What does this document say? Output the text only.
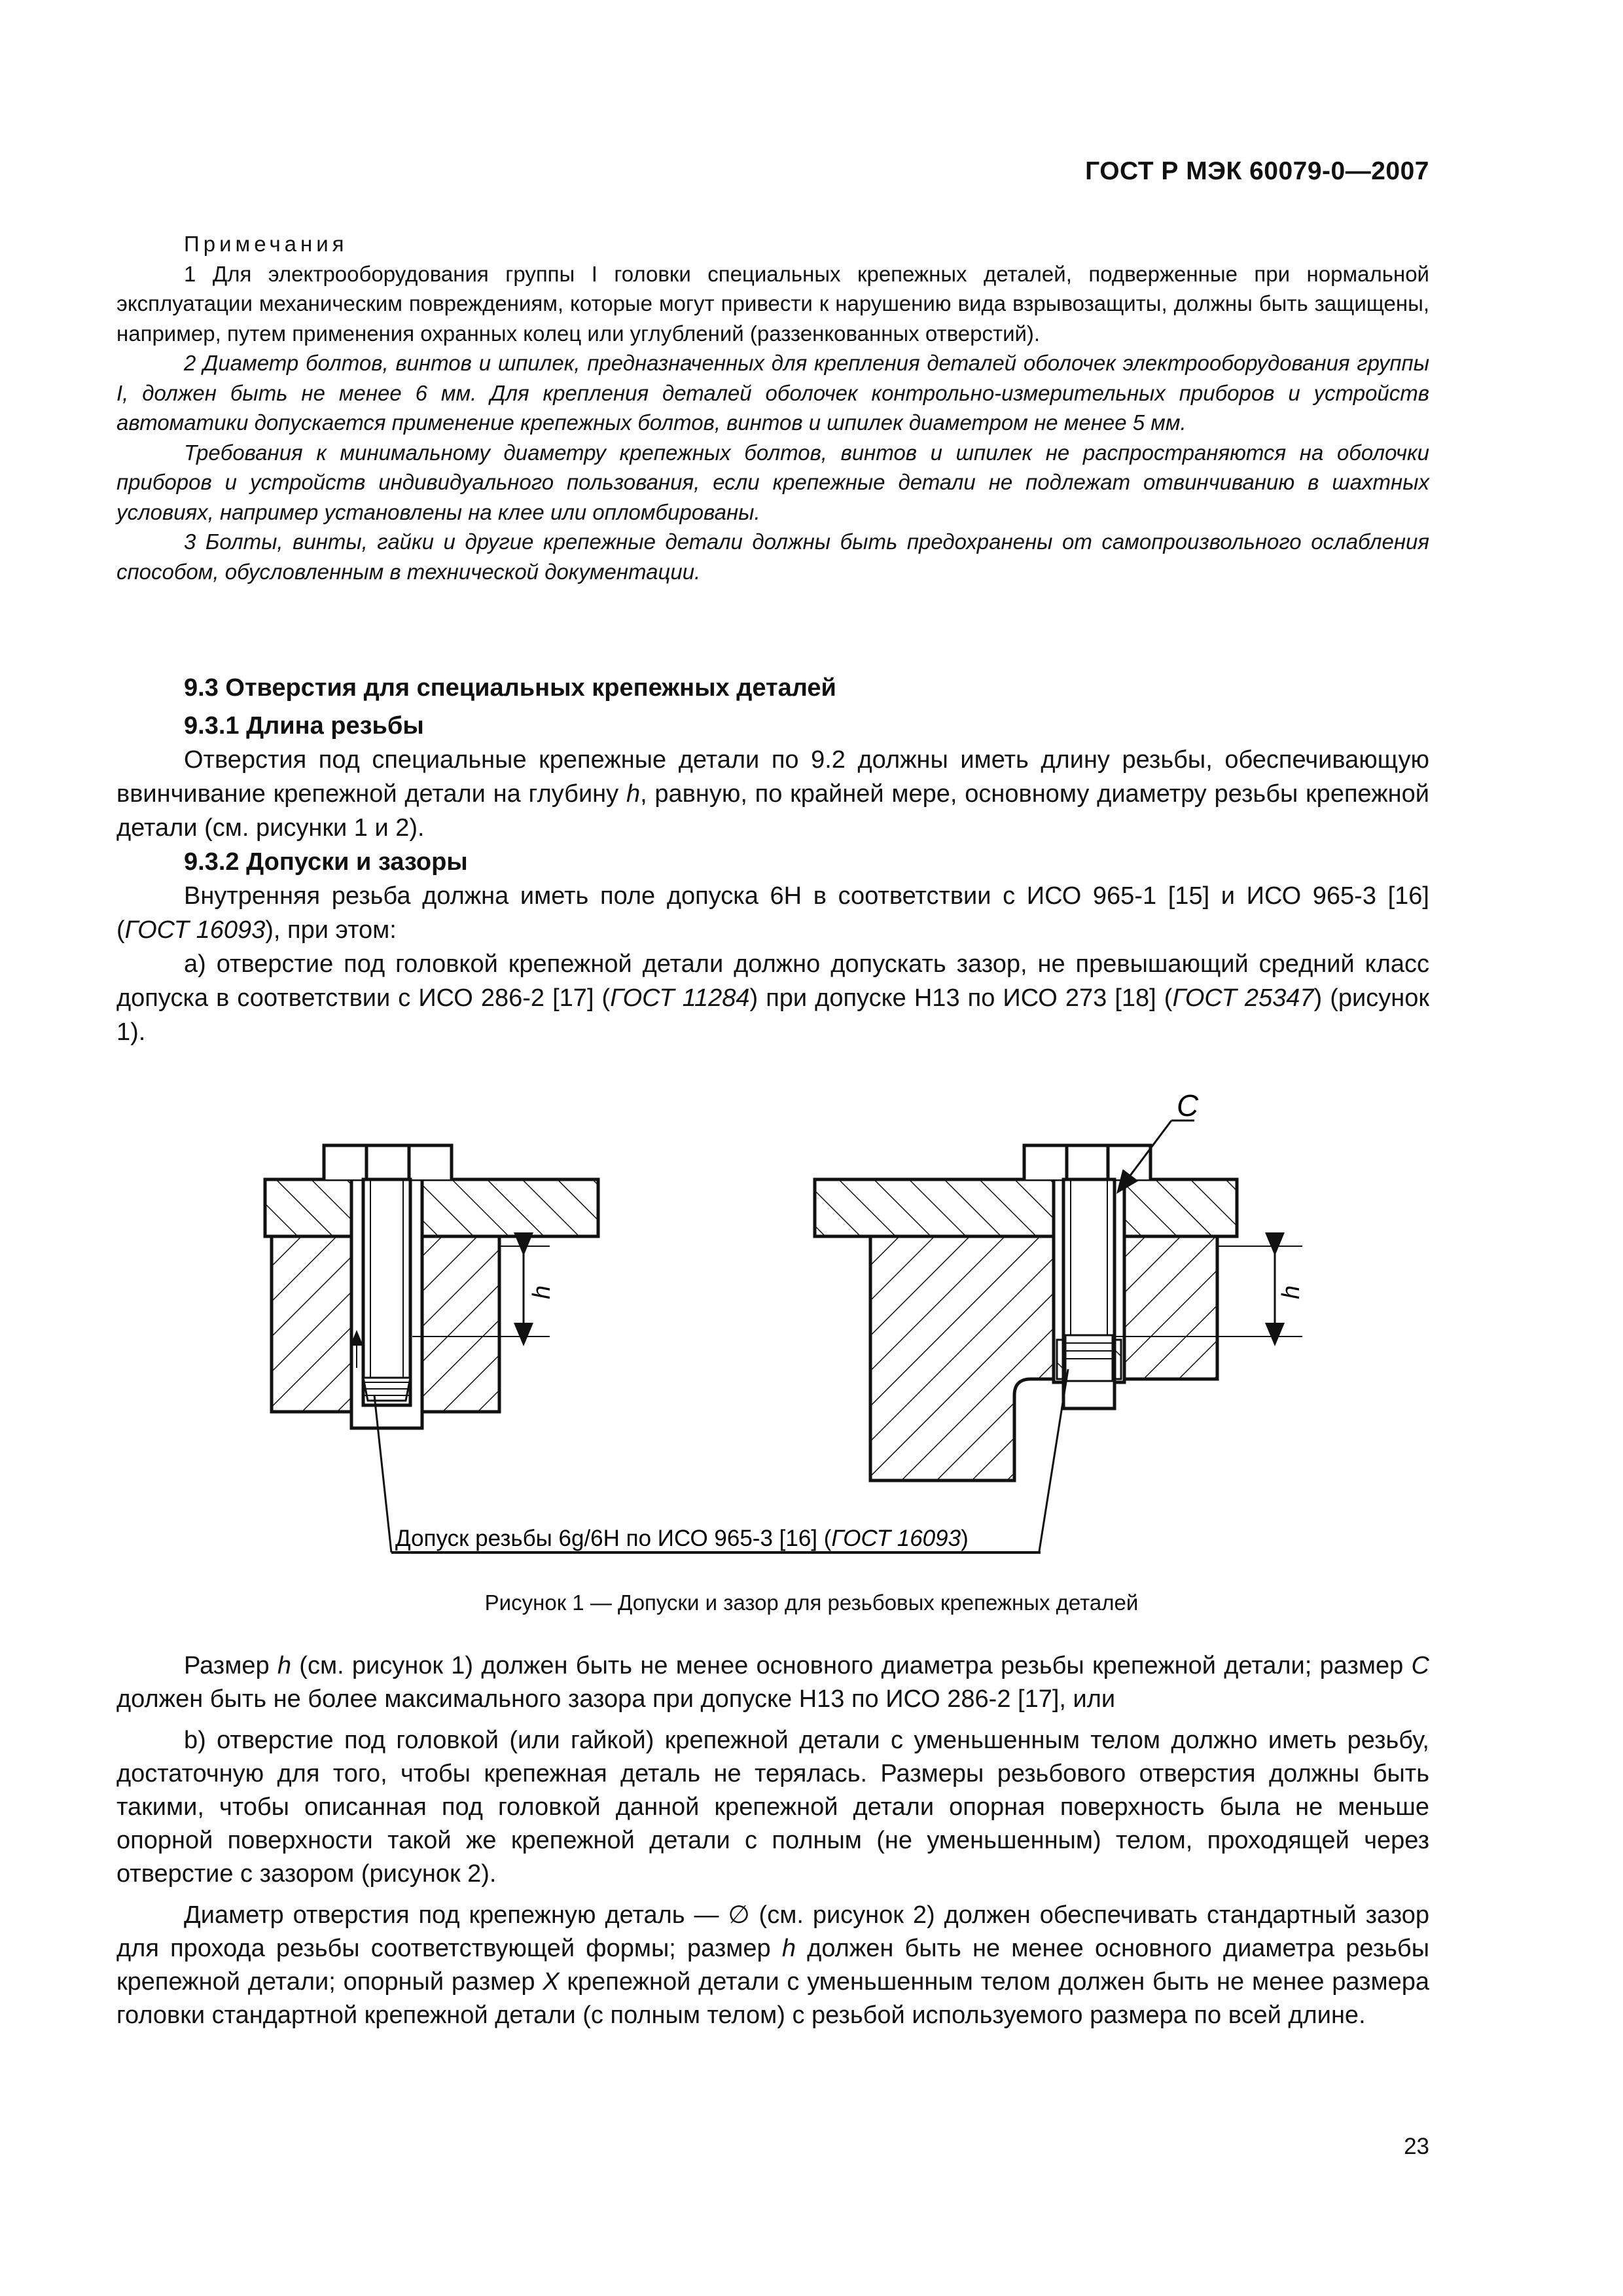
ГОСТ Р МЭК 60079-0—2007

Примечания

1 Для электрооборудования группы I головки специальных крепежных деталей, подверженные при нормальной эксплуатации механическим повреждениям, которые могут привести к нарушению вида взрывозащиты, должны быть защищены, например, путем применения охранных колец или углублений (раззенкованных отверстий).

2 Диаметр болтов, винтов и шпилек, предназначенных для крепления деталей оболочек электрооборудования группы I, должен быть не менее 6 мм. Для крепления деталей оболочек контрольно-измерительных приборов и устройств автоматики допускается применение крепежных болтов, винтов и шпилек диаметром не менее 5 мм.

Требования к минимальному диаметру крепежных болтов, винтов и шпилек не распространяются на оболочки приборов и устройств индивидуального пользования, если крепежные детали не подлежат отвинчиванию в шахтных условиях, например установлены на клее или опломбированы.

3 Болты, винты, гайки и другие крепежные детали должны быть предохранены от самопроизвольного ослабления способом, обусловленным в технической документации.

9.3 Отверстия для специальных крепежных деталей
9.3.1 Длина резьбы

Отверстия под специальные крепежные детали по 9.2 должны иметь длину резьбы, обеспечивающую ввинчивание крепежной детали на глубину h, равную, по крайней мере, основному диаметру резьбы крепежной детали (см. рисунки 1 и 2).

9.3.2 Допуски и зазоры

Внутренняя резьба должна иметь поле допуска 6H в соответствии с ИСО 965-1 [15] и ИСО 965-3 [16] (ГОСТ 16093), при этом:

а) отверстие под головкой крепежной детали должно допускать зазор, не превышающий средний класс допуска в соответствии с ИСО 286-2 [17] (ГОСТ 11284) при допуске H13 по ИСО 273 [18] (ГОСТ 25347) (рисунок 1).

h
C
h
Допуск резьбы 6g/6H по ИСО 965-3 [16] (ГОСТ 16093)
Рисунок 1 — Допуски и зазор для резьбовых крепежных деталей

Размер h (см. рисунок 1) должен быть не менее основного диаметра резьбы крепежной детали; размер C должен быть не более максимального зазора при допуске H13 по ИСО 286-2 [17], или

b) отверстие под головкой (или гайкой) крепежной детали с уменьшенным телом должно иметь резьбу, достаточную для того, чтобы крепежная деталь не терялась. Размеры резьбового отверстия должны быть такими, чтобы описанная под головкой данной крепежной детали опорная поверхность была не меньше опорной поверхности такой же крепежной детали с полным (не уменьшенным) телом, проходящей через отверстие с зазором (рисунок 2).

Диаметр отверстия под крепежную деталь — ∅ (см. рисунок 2) должен обеспечивать стандартный зазор для прохода резьбы соответствующей формы; размер h должен быть не менее основного диаметра резьбы крепежной детали; опорный размер X крепежной детали с уменьшенным телом должен быть не менее размера головки стандартной крепежной детали (с полным телом) с резьбой используемого размера по всей длине.

23
